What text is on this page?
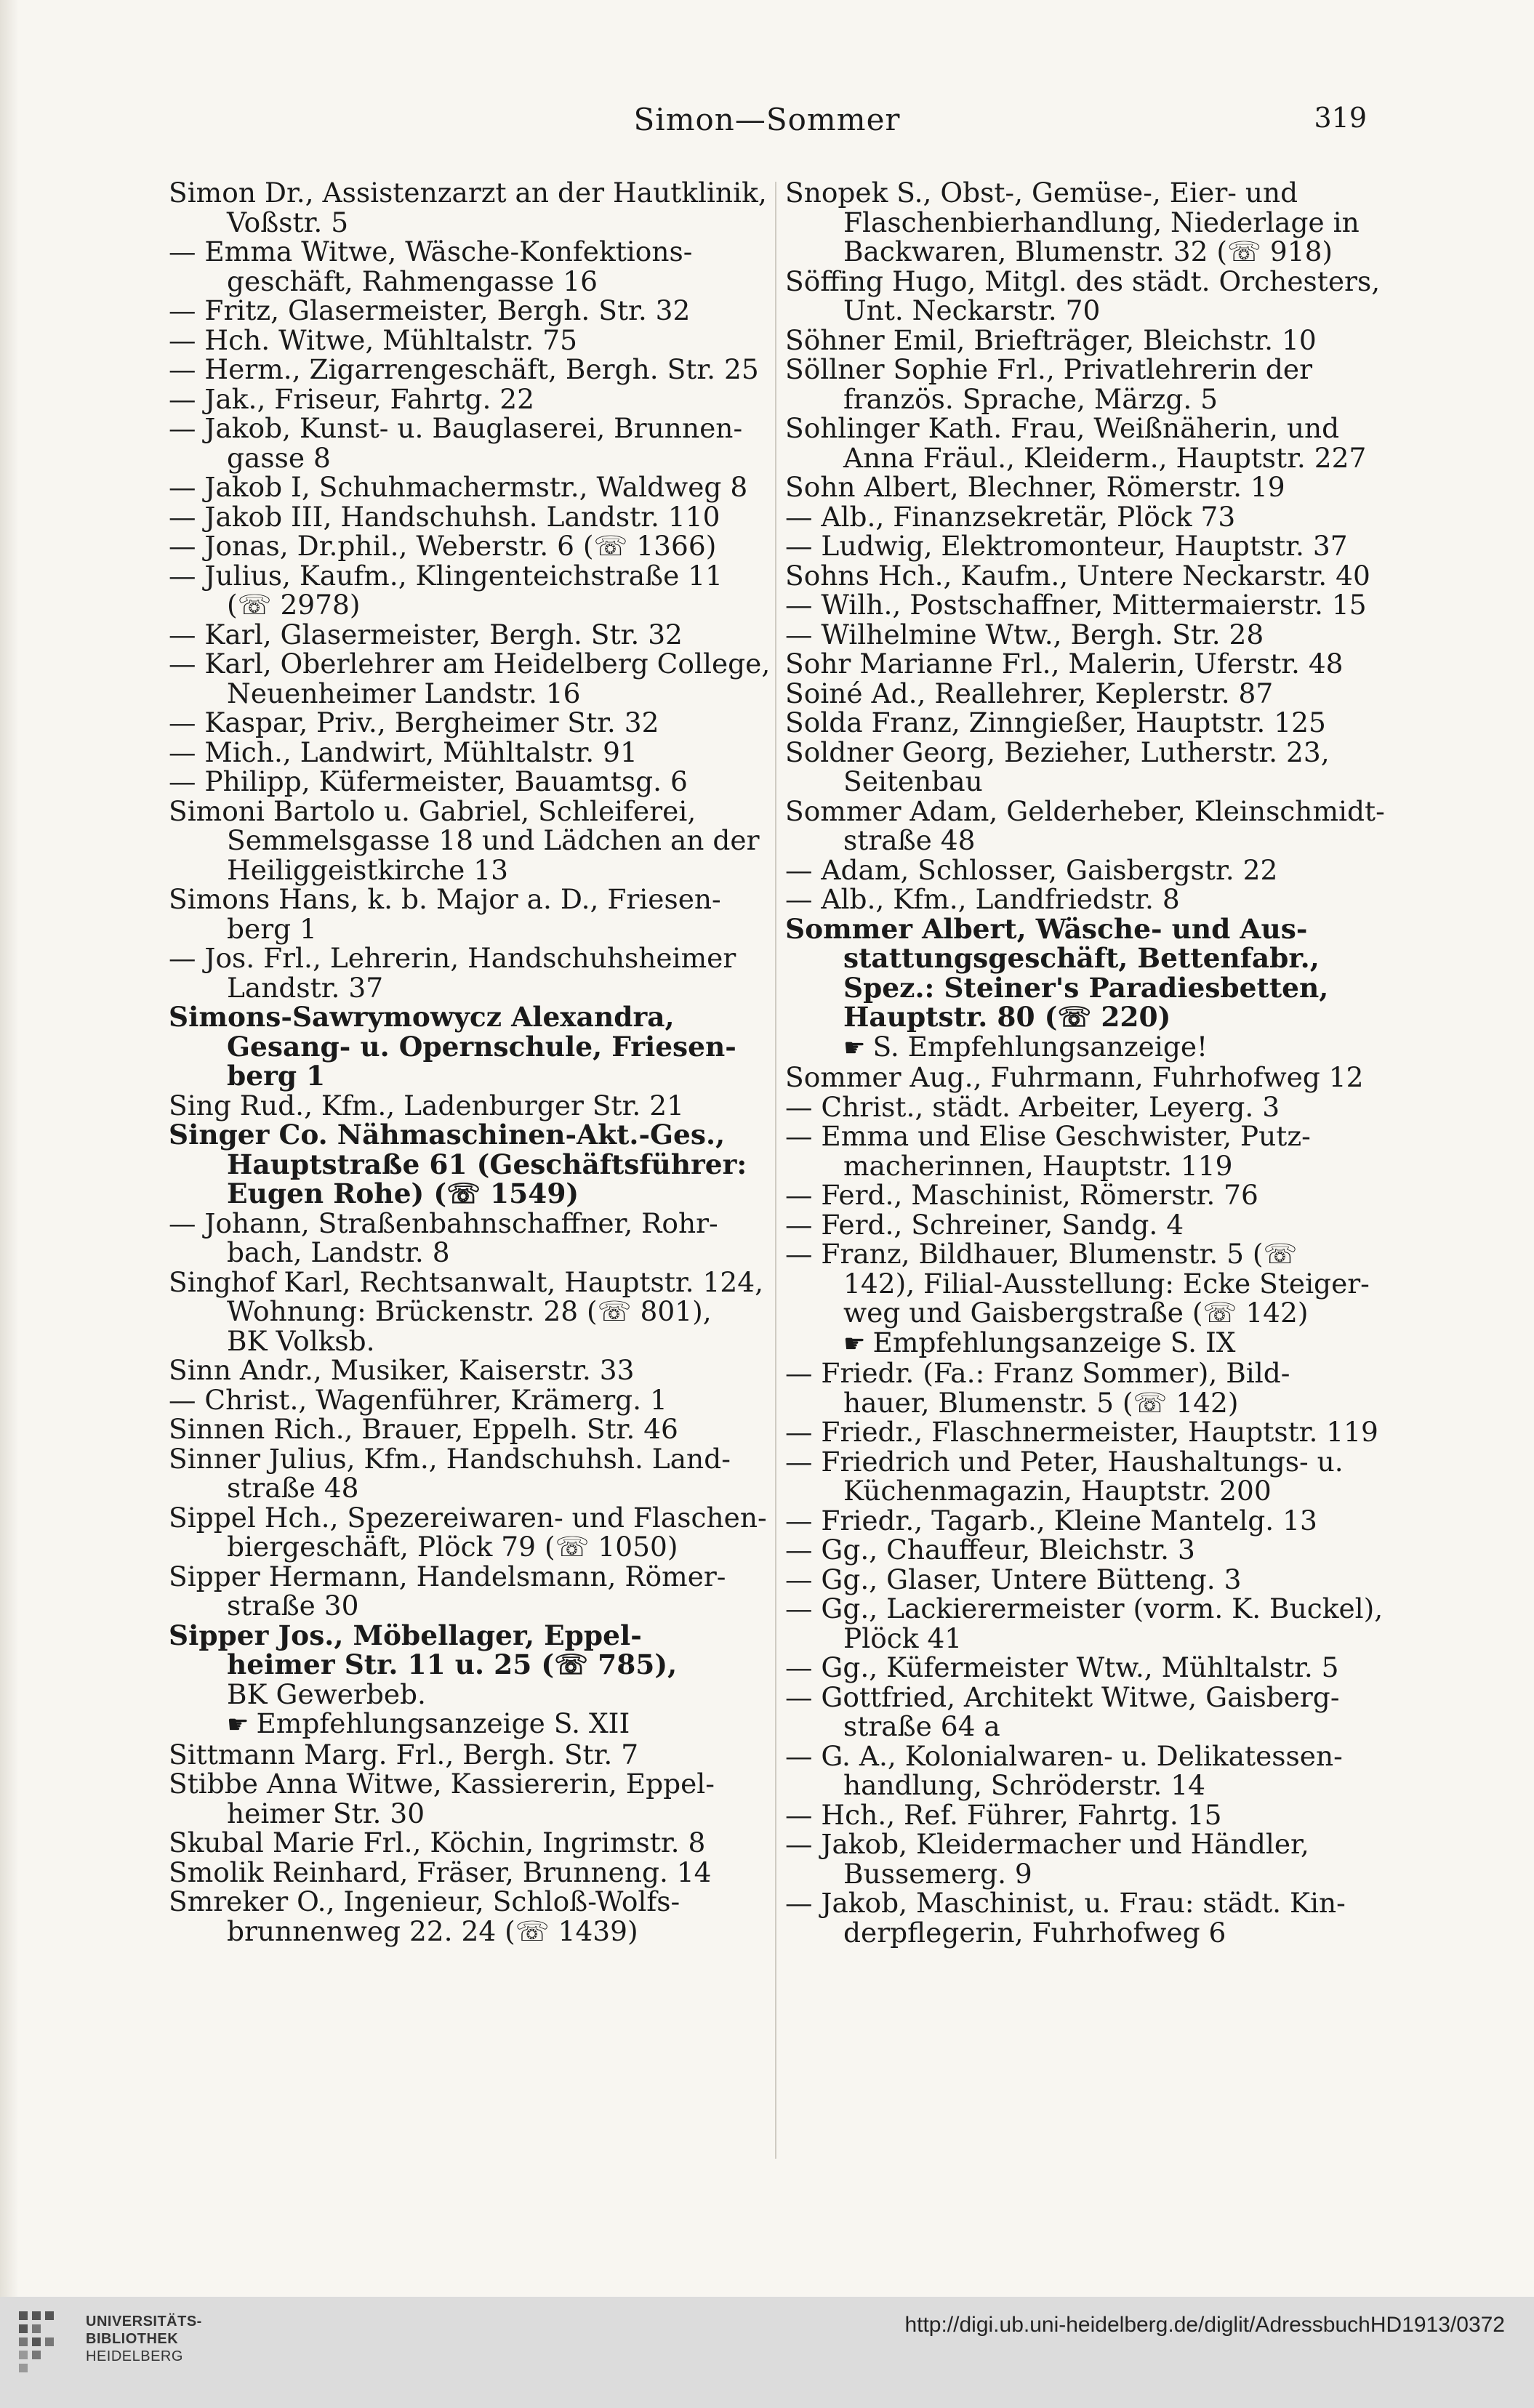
Simon—Sommer	319
Simon Dr., Assistenzarzt an der Hautklinik,
Voßstr. 5
— Emma Witwe, Wäsche-Konfektions-
geschäft, Rahmengasse 16
— Fritz, Glasermeister, Bergh. Str. 32
— Hch. Witwe, Mühltalstr. 75
— Herm., Zigarrengeschäft, Bergh. Str. 25
— Jak., Friseur, Fahrtg. 22
— Jakob, Kunst- u. Bauglaserei, Brunnen-
gasse 8
— Jakob I, Schuhmachermstr., Waldweg 8
— Jakob III, Handschuhsh. Landstr. 110
— Jonas, Dr.phil., Weberstr. 6 (☏ 1366)
— Julius, Kaufm., Klingenteichstraße 11
(☏ 2978)
— Karl, Glasermeister, Bergh. Str. 32
— Karl, Oberlehrer am Heidelberg College,
Neuenheimer Landstr. 16
— Kaspar, Priv., Bergheimer Str. 32
— Mich., Landwirt, Mühltalstr. 91
— Philipp, Küfermeister, Bauamtsg. 6
Simoni Bartolo u. Gabriel, Schleiferei,
Semmelsgasse 18 und Lädchen an der
Heiliggeistkirche 13
Simons Hans, k. b. Major a. D., Friesen-
berg 1
— Jos. Frl., Lehrerin, Handschuhsheimer
Landstr. 37
Simons-Sawrymowycz Alexandra,
Gesang- u. Opernschule, Friesen-
berg 1
Sing Rud., Kfm., Ladenburger Str. 21
Singer Co. Nähmaschinen-Akt.-Ges.,
Hauptstraße 61 (Geschäftsführer:
Eugen Rohe) (☏ 1549)
— Johann, Straßenbahnschaffner, Rohr-
bach, Landstr. 8
Singhof Karl, Rechtsanwalt, Hauptstr. 124,
Wohnung: Brückenstr. 28 (☏ 801),
BK Volksb.
Sinn Andr., Musiker, Kaiserstr. 33
— Christ., Wagenführer, Krämerg. 1
Sinnen Rich., Brauer, Eppelh. Str. 46
Sinner Julius, Kfm., Handschuhsh. Land-
straße 48
Sippel Hch., Spezereiwaren- und Flaschen-
biergeschäft, Plöck 79 (☏ 1050)
Sipper Hermann, Handelsmann, Römer-
straße 30
Sipper Jos., Möbellager, Eppel-
heimer Str. 11 u. 25 (☏ 785),
BK Gewerbeb.
☛ Empfehlungsanzeige S. XII
Sittmann Marg. Frl., Bergh. Str. 7
Stibbe Anna Witwe, Kassiererin, Eppel-
heimer Str. 30
Skubal Marie Frl., Köchin, Ingrimstr. 8
Smolik Reinhard, Fräser, Brunneng. 14
Smreker O., Ingenieur, Schloß-Wolfs-
brunnenweg 22. 24 (☏ 1439)
Snopek S., Obst-, Gemüse-, Eier- und
Flaschenbierhandlung, Niederlage in
Backwaren, Blumenstr. 32 (☏ 918)
Söffing Hugo, Mitgl. des städt. Orchesters,
Unt. Neckarstr. 70
Söhner Emil, Briefträger, Bleichstr. 10
Söllner Sophie Frl., Privatlehrerin der
französ. Sprache, Märzg. 5
Sohlinger Kath. Frau, Weißnäherin, und
Anna Fräul., Kleiderm., Hauptstr. 227
Sohn Albert, Blechner, Römerstr. 19
— Alb., Finanzsekretär, Plöck 73
— Ludwig, Elektromonteur, Hauptstr. 37
Sohns Hch., Kaufm., Untere Neckarstr. 40
— Wilh., Postschaffner, Mittermaierstr. 15
— Wilhelmine Wtw., Bergh. Str. 28
Sohr Marianne Frl., Malerin, Uferstr. 48
Soiné Ad., Reallehrer, Keplerstr. 87
Solda Franz, Zinngießer, Hauptstr. 125
Soldner Georg, Bezieher, Lutherstr. 23,
Seitenbau
Sommer Adam, Gelderheber, Kleinschmidt-
straße 48
— Adam, Schlosser, Gaisbergstr. 22
— Alb., Kfm., Landfriedstr. 8
Sommer Albert, Wäsche- und Aus-
stattungsgeschäft, Bettenfabr.,
Spez.: Steiner's Paradiesbetten,
Hauptstr. 80 (☏ 220)
☛ S. Empfehlungsanzeige!
Sommer Aug., Fuhrmann, Fuhrhofweg 12
— Christ., städt. Arbeiter, Leyerg. 3
— Emma und Elise Geschwister, Putz-
macherinnen, Hauptstr. 119
— Ferd., Maschinist, Römerstr. 76
— Ferd., Schreiner, Sandg. 4
— Franz, Bildhauer, Blumenstr. 5 (☏
142), Filial-Ausstellung: Ecke Steiger-
weg und Gaisbergstraße (☏ 142)
☛ Empfehlungsanzeige S. IX
— Friedr. (Fa.: Franz Sommer), Bild-
hauer, Blumenstr. 5 (☏ 142)
— Friedr., Flaschnermeister, Hauptstr. 119
— Friedrich und Peter, Haushaltungs- u.
Küchenmagazin, Hauptstr. 200
— Friedr., Tagarb., Kleine Mantelg. 13
— Gg., Chauffeur, Bleichstr. 3
— Gg., Glaser, Untere Bütteng. 3
— Gg., Lackierermeister (vorm. K. Buckel),
Plöck 41
— Gg., Küfermeister Wtw., Mühltalstr. 5
— Gottfried, Architekt Witwe, Gaisberg-
straße 64 a
— G. A., Kolonialwaren- u. Delikatessen-
handlung, Schröderstr. 14
— Hch., Ref. Führer, Fahrtg. 15
— Jakob, Kleidermacher und Händler,
Bussemerg. 9
— Jakob, Maschinist, u. Frau: städt. Kin-
derpflegerin, Fuhrhofweg 6
UNIVERSITÄTS-
BIBLIOTHEK
HEIDELBERG
http://digi.ub.uni-heidelberg.de/diglit/AdressbuchHD1913/0372
